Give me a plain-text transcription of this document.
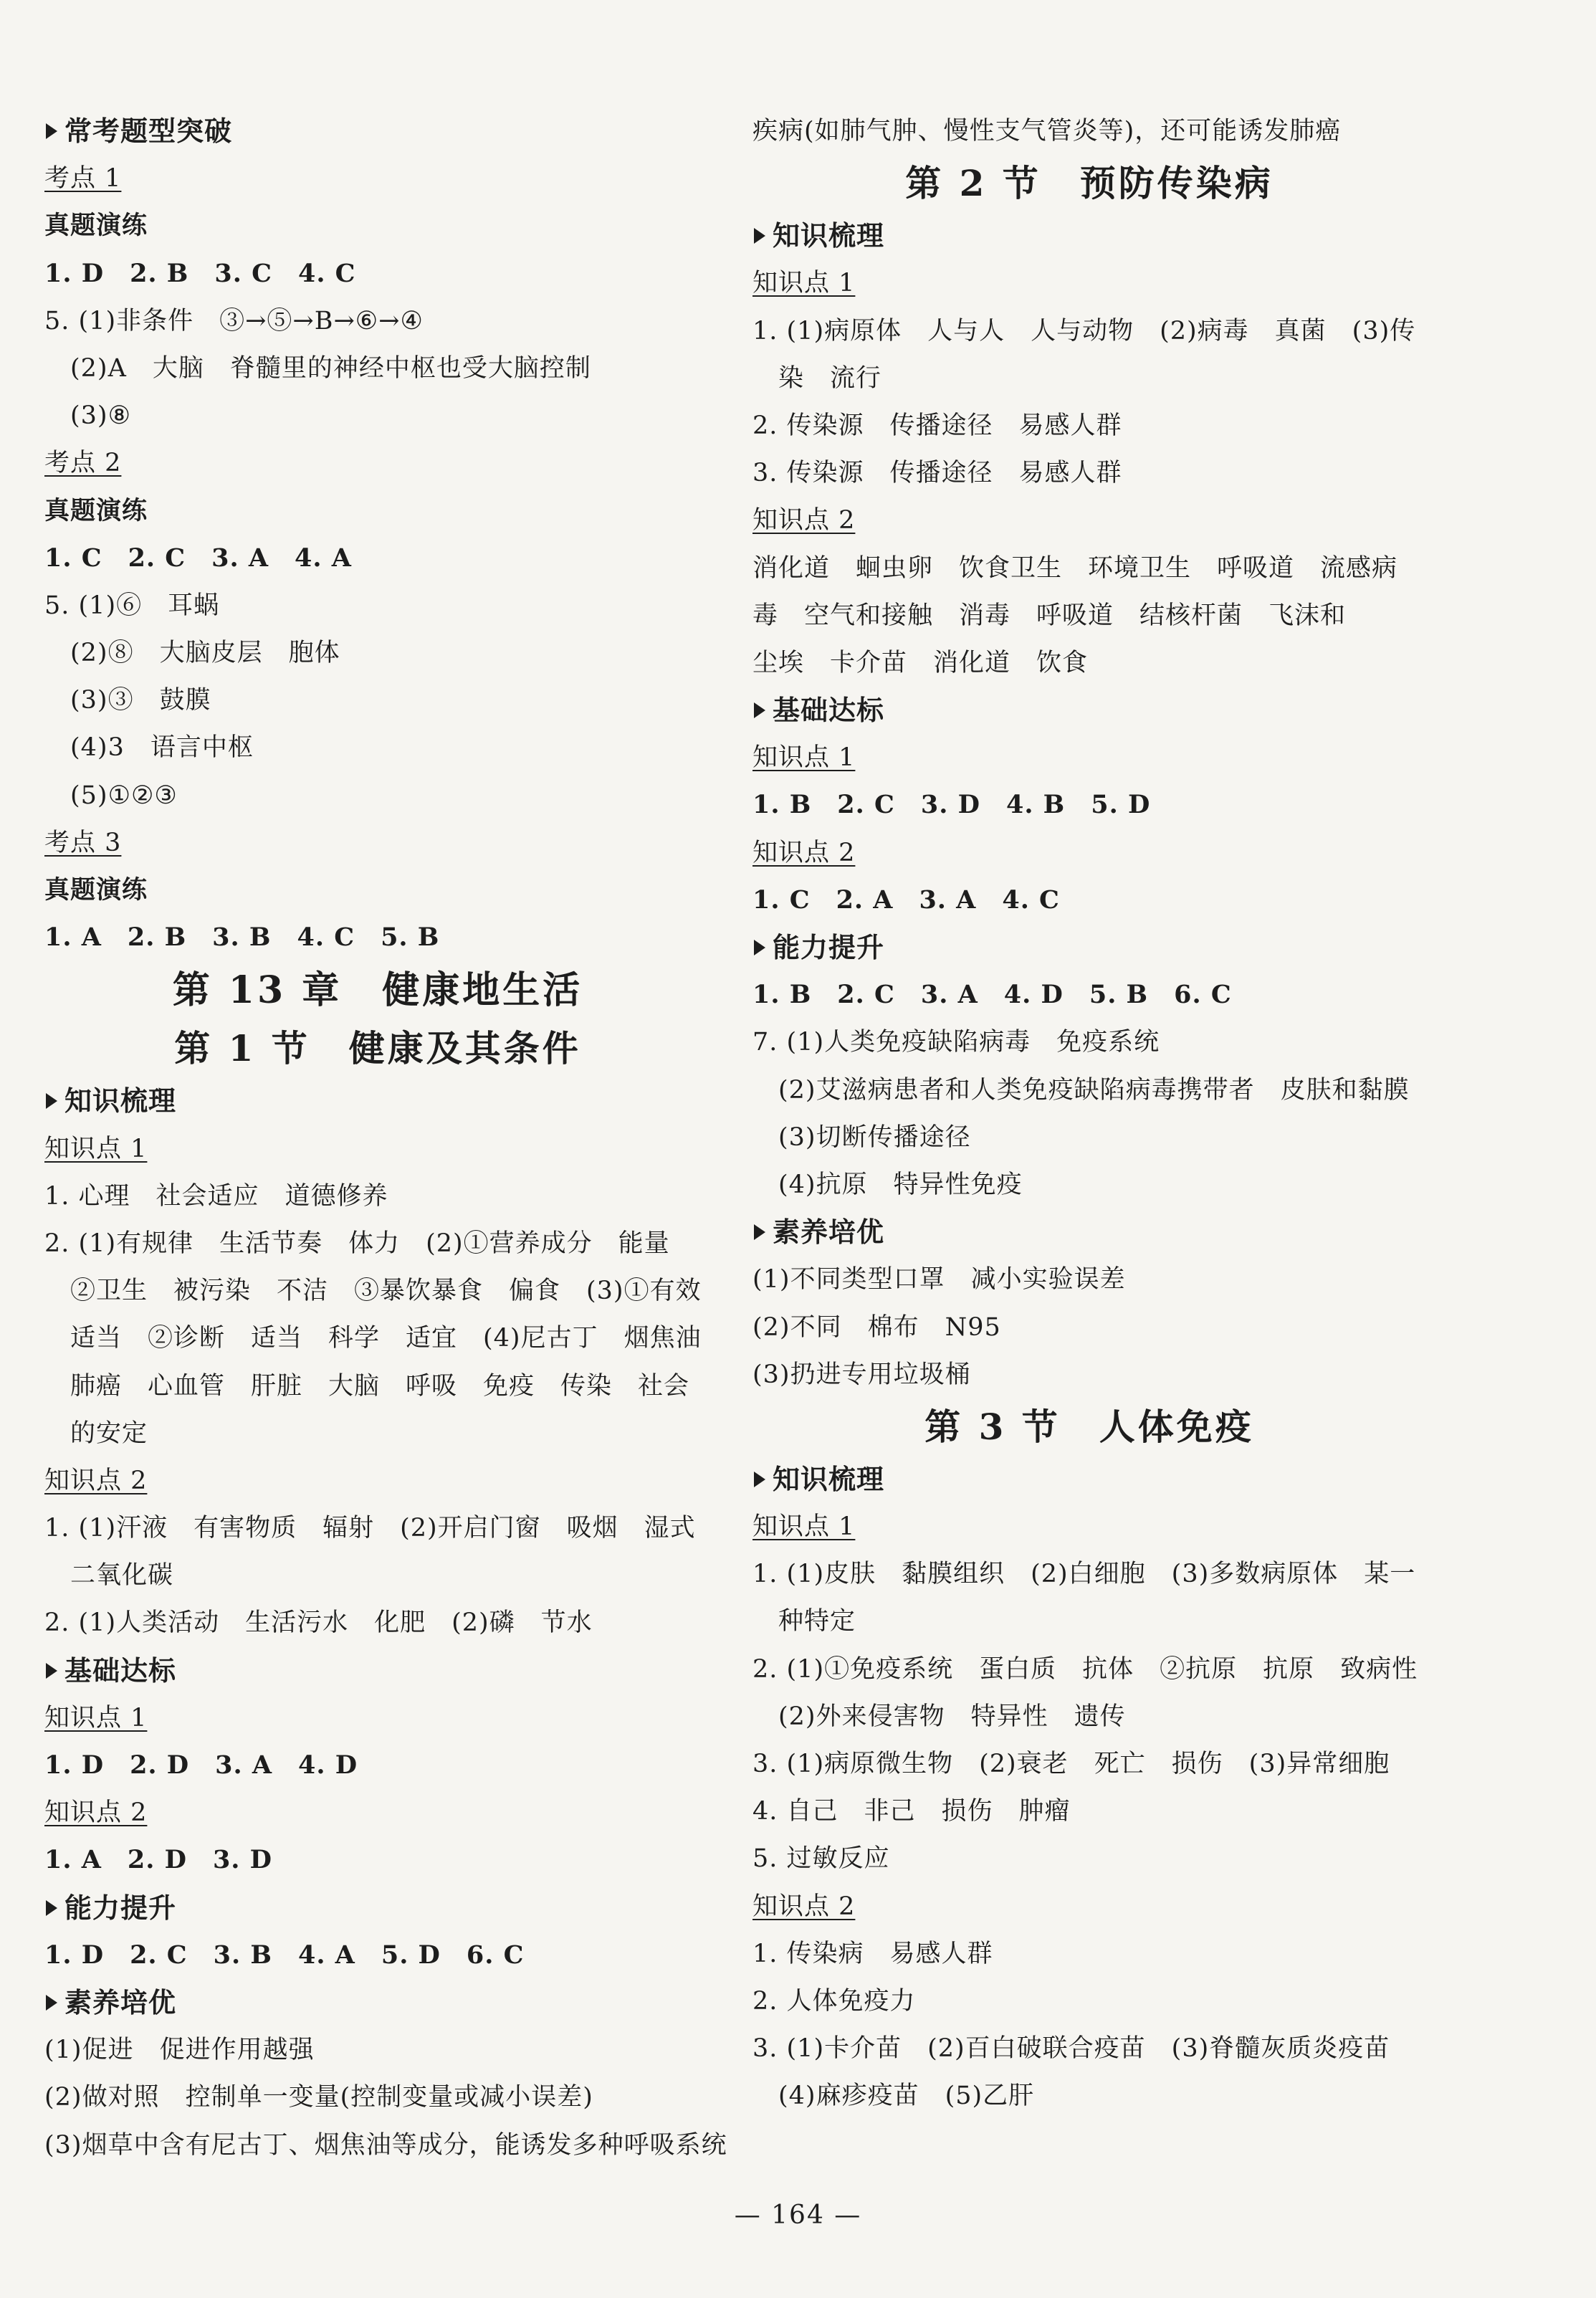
常考题型突破
考点 1
真题演练
1. D　2. B　3. C　4. C
5. (1)非条件　③→⑤→B→⑥→④
(2)A　大脑　脊髓里的神经中枢也受大脑控制
(3)⑧
考点 2
真题演练
1. C　2. C　3. A　4. A
5. (1)⑥　耳蜗
(2)⑧　大脑皮层　胞体
(3)③　鼓膜
(4)3　语言中枢
(5)①②③
考点 3
真题演练
1. A　2. B　3. B　4. C　5. B
第 13 章　健康地生活
第 1 节　健康及其条件
知识梳理
知识点 1
1. 心理　社会适应　道德修养
2. (1)有规律　生活节奏　体力　(2)①营养成分　能量
②卫生　被污染　不洁　③暴饮暴食　偏食　(3)①有效
适当　②诊断　适当　科学　适宜　(4)尼古丁　烟焦油
肺癌　心血管　肝脏　大脑　呼吸　免疫　传染　社会
的安定
知识点 2
1. (1)汗液　有害物质　辐射　(2)开启门窗　吸烟　湿式
二氧化碳
2. (1)人类活动　生活污水　化肥　(2)磷　节水
基础达标
知识点 1
1. D　2. D　3. A　4. D
知识点 2
1. A　2. D　3. D
能力提升
1. D　2. C　3. B　4. A　5. D　6. C
素养培优
(1)促进　促进作用越强
(2)做对照　控制单一变量(控制变量或减小误差)
(3)烟草中含有尼古丁、烟焦油等成分，能诱发多种呼吸系统
疾病(如肺气肿、慢性支气管炎等)，还可能诱发肺癌
第 2 节　预防传染病
知识梳理
知识点 1
1. (1)病原体　人与人　人与动物　(2)病毒　真菌　(3)传
染　流行
2. 传染源　传播途径　易感人群
3. 传染源　传播途径　易感人群
知识点 2
消化道　蛔虫卵　饮食卫生　环境卫生　呼吸道　流感病
毒　空气和接触　消毒　呼吸道　结核杆菌　飞沫和
尘埃　卡介苗　消化道　饮食
基础达标
知识点 1
1. B　2. C　3. D　4. B　5. D
知识点 2
1. C　2. A　3. A　4. C
能力提升
1. B　2. C　3. A　4. D　5. B　6. C
7. (1)人类免疫缺陷病毒　免疫系统
(2)艾滋病患者和人类免疫缺陷病毒携带者　皮肤和黏膜
(3)切断传播途径
(4)抗原　特异性免疫
素养培优
(1)不同类型口罩　减小实验误差
(2)不同　棉布　N95
(3)扔进专用垃圾桶
第 3 节　人体免疫
知识梳理
知识点 1
1. (1)皮肤　黏膜组织　(2)白细胞　(3)多数病原体　某一
种特定
2. (1)①免疫系统　蛋白质　抗体　②抗原　抗原　致病性
(2)外来侵害物　特异性　遗传
3. (1)病原微生物　(2)衰老　死亡　损伤　(3)异常细胞
4. 自己　非己　损伤　肿瘤
5. 过敏反应
知识点 2
1. 传染病　易感人群
2. 人体免疫力
3. (1)卡介苗　(2)百白破联合疫苗　(3)脊髓灰质炎疫苗
(4)麻疹疫苗　(5)乙肝
— 164 —
